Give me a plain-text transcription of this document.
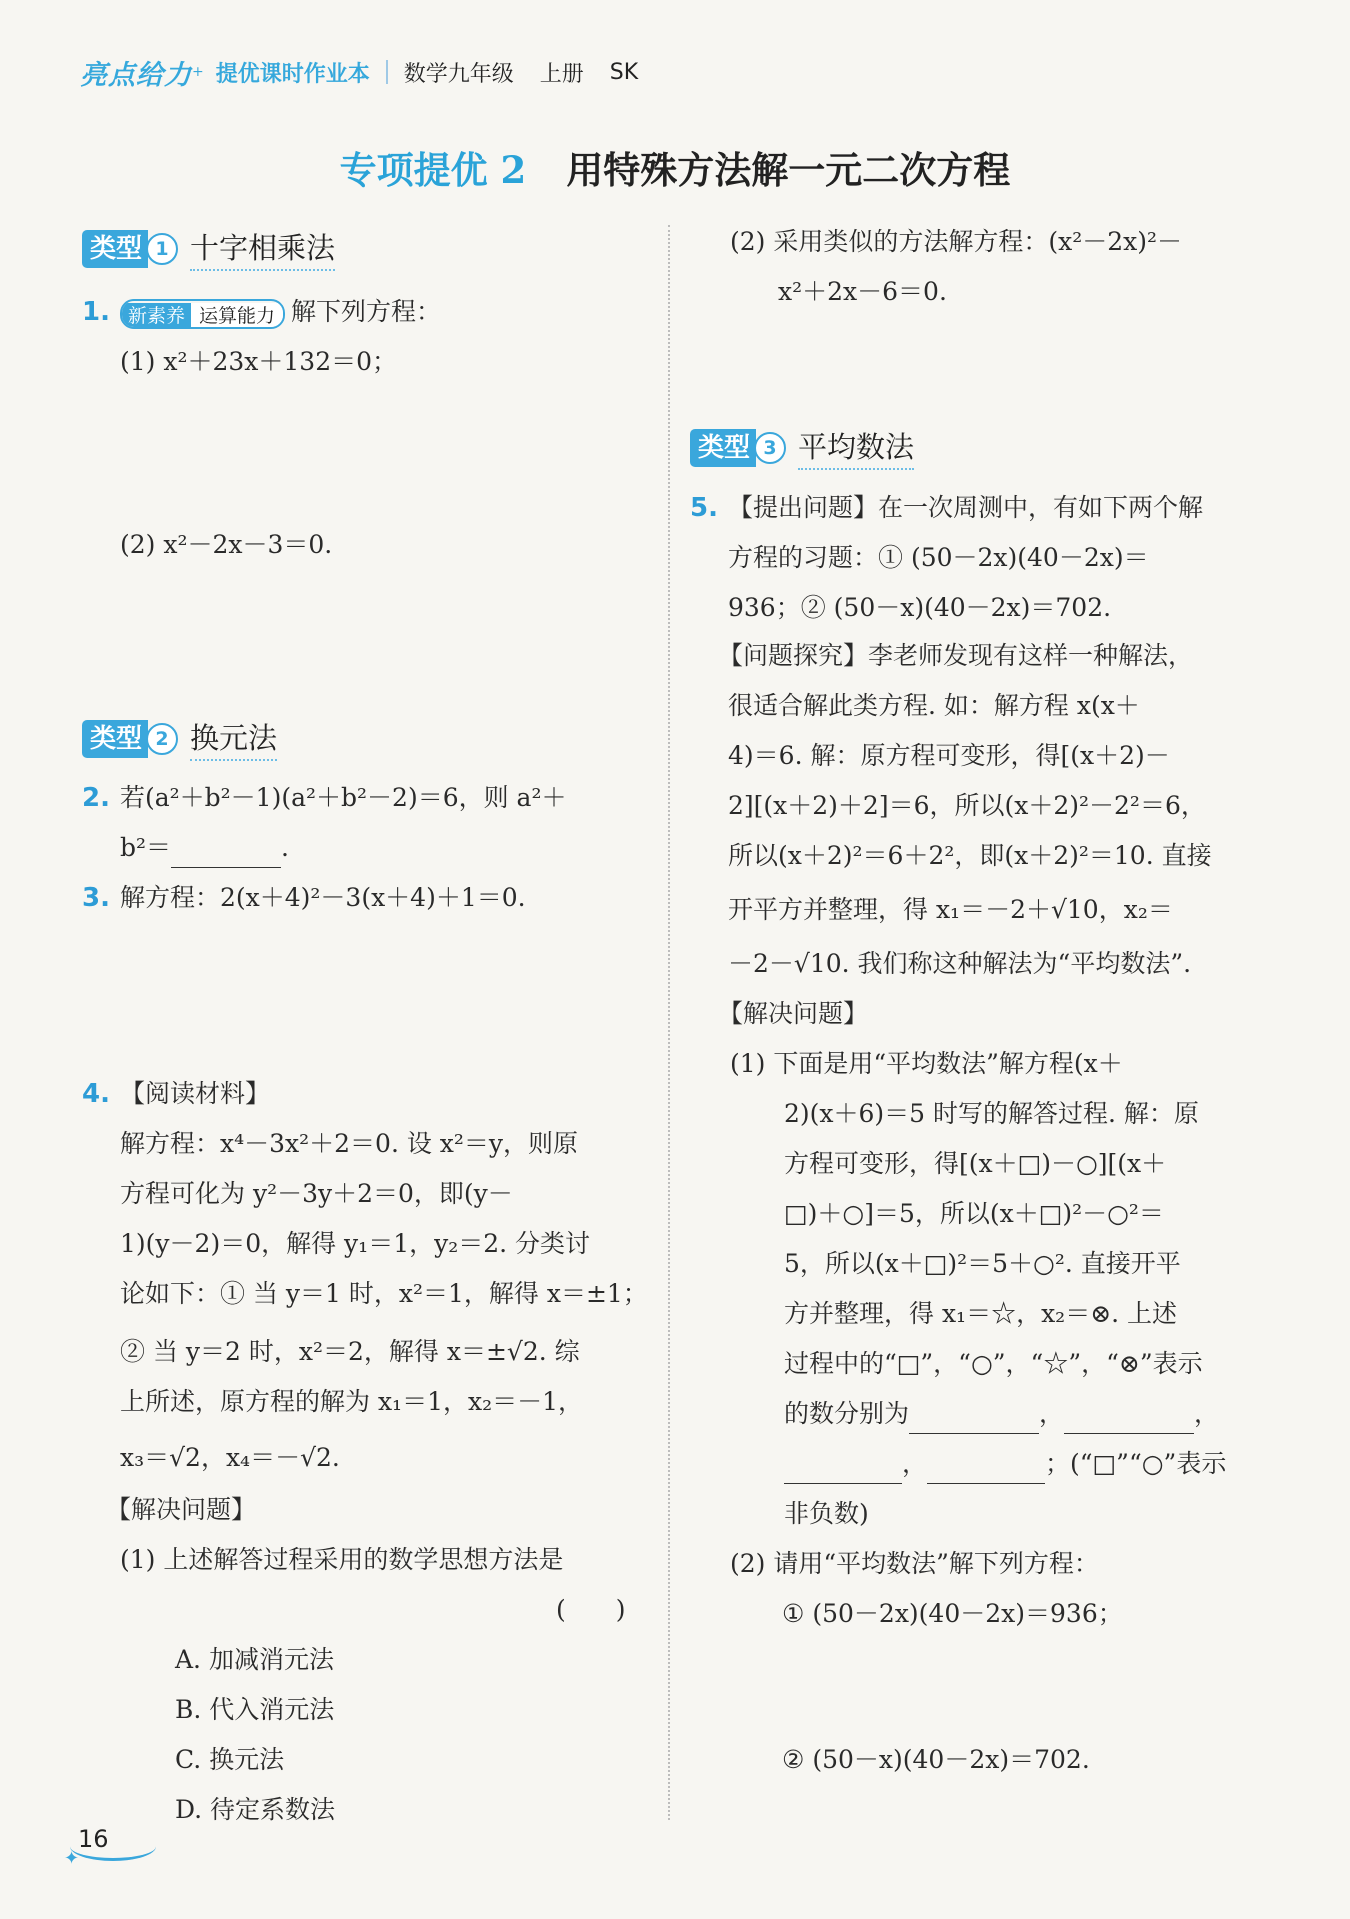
亮点给力 + 提优课时作业本 数学九年级 上册 SK
专项提优 2 用特殊方法解一元二次方程
类型 1 十字相乘法
1. 新素养 运算能力 解下列方程：
(1) x²＋23x＋132＝0；
(2) x²－2x－3＝0.
类型 2 换元法
2. 若(a²＋b²－1)(a²＋b²－2)＝6，则 a²＋
b²＝	.
3. 解方程：2(x＋4)²－3(x＋4)＋1＝0.
4. 【阅读材料】
解方程：x⁴－3x²＋2＝0. 设 x²＝y，则原
方程可化为 y²－3y＋2＝0，即(y－
1)(y－2)＝0，解得 y₁＝1，y₂＝2. 分类讨
论如下：① 当 y＝1 时，x²＝1，解得 x＝±1；
② 当 y＝2 时，x²＝2，解得 x＝±√2. 综
上所述，原方程的解为 x₁＝1，x₂＝－1，
x₃＝√2，x₄＝－√2.
【解决问题】
(1) 上述解答过程采用的数学思想方法是
(　　)
A. 加减消元法
B. 代入消元法
C. 换元法
D. 待定系数法
(2) 采用类似的方法解方程：(x²－2x)²－
x²＋2x－6＝0.
类型 3 平均数法
5. 【提出问题】在一次周测中，有如下两个解
方程的习题：① (50－2x)(40－2x)＝
936；② (50－x)(40－2x)＝702.
【问题探究】李老师发现有这样一种解法，
很适合解此类方程. 如：解方程 x(x＋
4)＝6. 解：原方程可变形，得[(x＋2)－
2][(x＋2)＋2]＝6，所以(x＋2)²－2²＝6，
所以(x＋2)²＝6＋2²，即(x＋2)²＝10. 直接
开平方并整理，得 x₁＝－2＋√10，x₂＝
－2－√10. 我们称这种解法为“平均数法”.
【解决问题】
(1) 下面是用“平均数法”解方程(x＋
2)(x＋6)＝5 时写的解答过程. 解：原
方程可变形，得[(x＋□)－○][(x＋
□)＋○]＝5，所以(x＋□)²－○²＝
5，所以(x＋□)²＝5＋○². 直接开平
方并整理，得 x₁＝☆，x₂＝⊗. 上述
过程中的“□”，“○”，“☆”，“⊗”表示
的数分别为	，	，
，	；(“□”“○”表示
非负数)
(2) 请用“平均数法”解下列方程：
① (50－2x)(40－2x)＝936；
② (50－x)(40－2x)＝702.
✦
16
